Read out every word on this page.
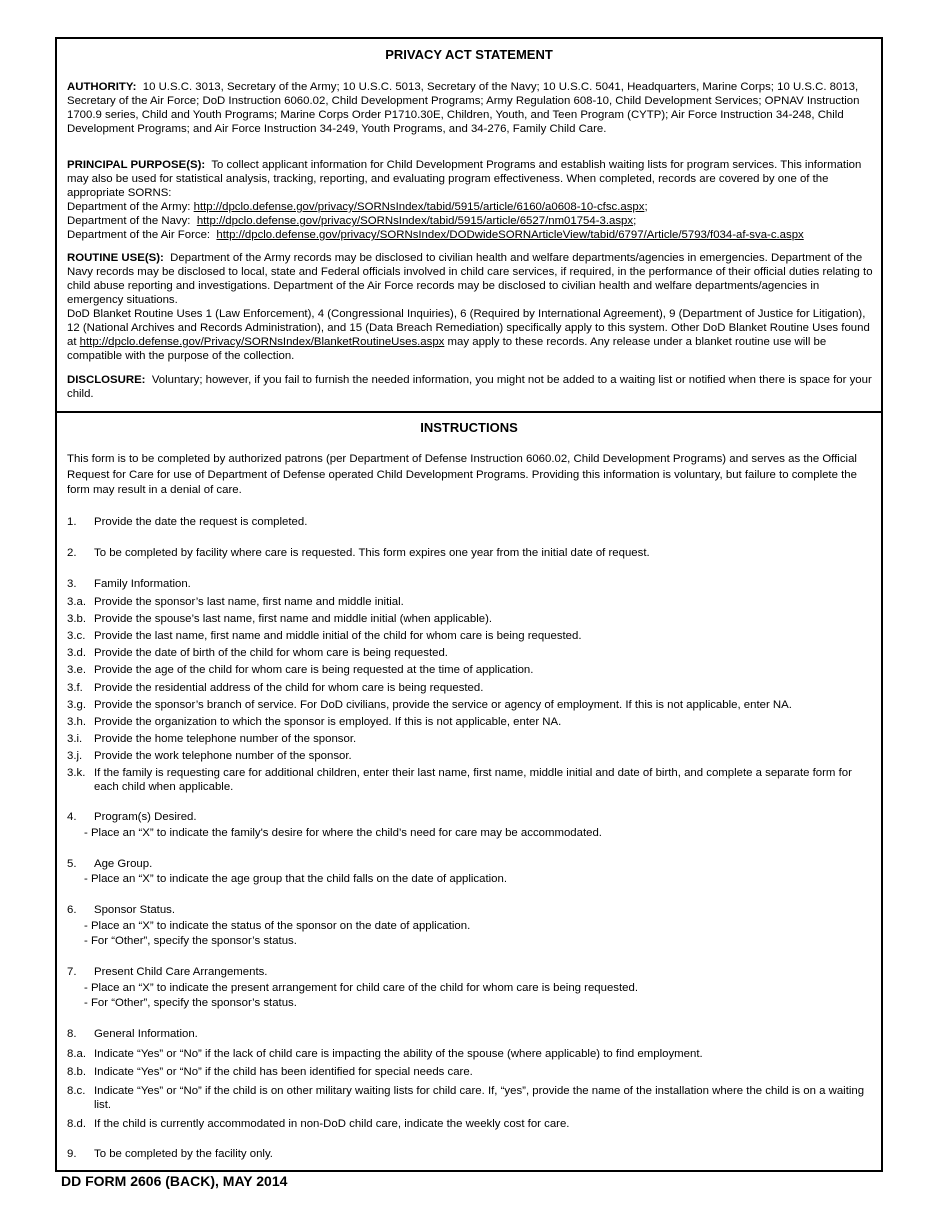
PRIVACY ACT STATEMENT
AUTHORITY: 10 U.S.C. 3013, Secretary of the Army; 10 U.S.C. 5013, Secretary of the Navy; 10 U.S.C. 5041, Headquarters, Marine Corps; 10 U.S.C. 8013, Secretary of the Air Force; DoD Instruction 6060.02, Child Development Programs; Army Regulation 608-10, Child Development Services; OPNAV Instruction 1700.9 series, Child and Youth Programs; Marine Corps Order P1710.30E, Children, Youth, and Teen Program (CYTP); Air Force Instruction 34-248, Child Development Programs; and Air Force Instruction 34-249, Youth Programs, and 34-276, Family Child Care.
PRINCIPAL PURPOSE(S): To collect applicant information for Child Development Programs and establish waiting lists for program services. This information may also be used for statistical analysis, tracking, reporting, and evaluating program effectiveness. When completed, records are covered by one of the appropriate SORNS:
Department of the Army: http://dpclo.defense.gov/privacy/SORNsIndex/tabid/5915/article/6160/a0608-10-cfsc.aspx;
Department of the Navy: http://dpclo.defense.gov/privacy/SORNsIndex/tabid/5915/article/6527/nm01754-3.aspx;
Department of the Air Force: http://dpclo.defense.gov/privacy/SORNsIndex/DODwideSORNArticleView/tabid/6797/Article/5793/f034-af-sva-c.aspx
ROUTINE USE(S): Department of the Army records may be disclosed to civilian health and welfare departments/agencies in emergencies. Department of the Navy records may be disclosed to local, state and Federal officials involved in child care services, if required, in the performance of their official duties relating to child abuse reporting and investigations. Department of the Air Force records may be disclosed to civilian health and welfare departments/agencies in emergency situations.
DoD Blanket Routine Uses 1 (Law Enforcement), 4 (Congressional Inquiries), 6 (Required by International Agreement), 9 (Department of Justice for Litigation), 12 (National Archives and Records Administration), and 15 (Data Breach Remediation) specifically apply to this system. Other DoD Blanket Routine Uses found at http://dpclo.defense.gov/Privacy/SORNsIndex/BlanketRoutineUses.aspx may apply to these records. Any release under a blanket routine use will be compatible with the purpose of the collection.
DISCLOSURE: Voluntary; however, if you fail to furnish the needed information, you might not be added to a waiting list or notified when there is space for your child.
INSTRUCTIONS
This form is to be completed by authorized patrons (per Department of Defense Instruction 6060.02, Child Development Programs) and serves as the Official Request for Care for use of Department of Defense operated Child Development Programs. Providing this information is voluntary, but failure to complete the form may result in a denial of care.
1. Provide the date the request is completed.
2. To be completed by facility where care is requested. This form expires one year from the initial date of request.
3. Family Information.
3.a. Provide the sponsor’s last name, first name and middle initial.
3.b. Provide the spouse’s last name, first name and middle initial (when applicable).
3.c. Provide the last name, first name and middle initial of the child for whom care is being requested.
3.d. Provide the date of birth of the child for whom care is being requested.
3.e. Provide the age of the child for whom care is being requested at the time of application.
3.f. Provide the residential address of the child for whom care is being requested.
3.g. Provide the sponsor’s branch of service. For DoD civilians, provide the service or agency of employment. If this is not applicable, enter NA.
3.h. Provide the organization to which the sponsor is employed. If this is not applicable, enter NA.
3.i. Provide the home telephone number of the sponsor.
3.j. Provide the work telephone number of the sponsor.
3.k. If the family is requesting care for additional children, enter their last name, first name, middle initial and date of birth, and complete a separate form for each child when applicable.
4. Program(s) Desired.
- Place an “X” to indicate the family's desire for where the child’s need for care may be accommodated.
5. Age Group.
- Place an “X” to indicate the age group that the child falls on the date of application.
6. Sponsor Status.
- Place an “X” to indicate the status of the sponsor on the date of application.
- For “Other”, specify the sponsor’s status.
7. Present Child Care Arrangements.
- Place an “X” to indicate the present arrangement for child care of the child for whom care is being requested.
- For “Other”, specify the sponsor’s status.
8. General Information.
8.a. Indicate “Yes” or “No” if the lack of child care is impacting the ability of the spouse (where applicable) to find employment.
8.b. Indicate “Yes” or “No” if the child has been identified for special needs care.
8.c. Indicate “Yes” or “No” if the child is on other military waiting lists for child care. If, “yes”, provide the name of the installation where the child is on a waiting list.
8.d. If the child is currently accommodated in non-DoD child care, indicate the weekly cost for care.
9. To be completed by the facility only.
DD FORM 2606 (BACK), MAY 2014
